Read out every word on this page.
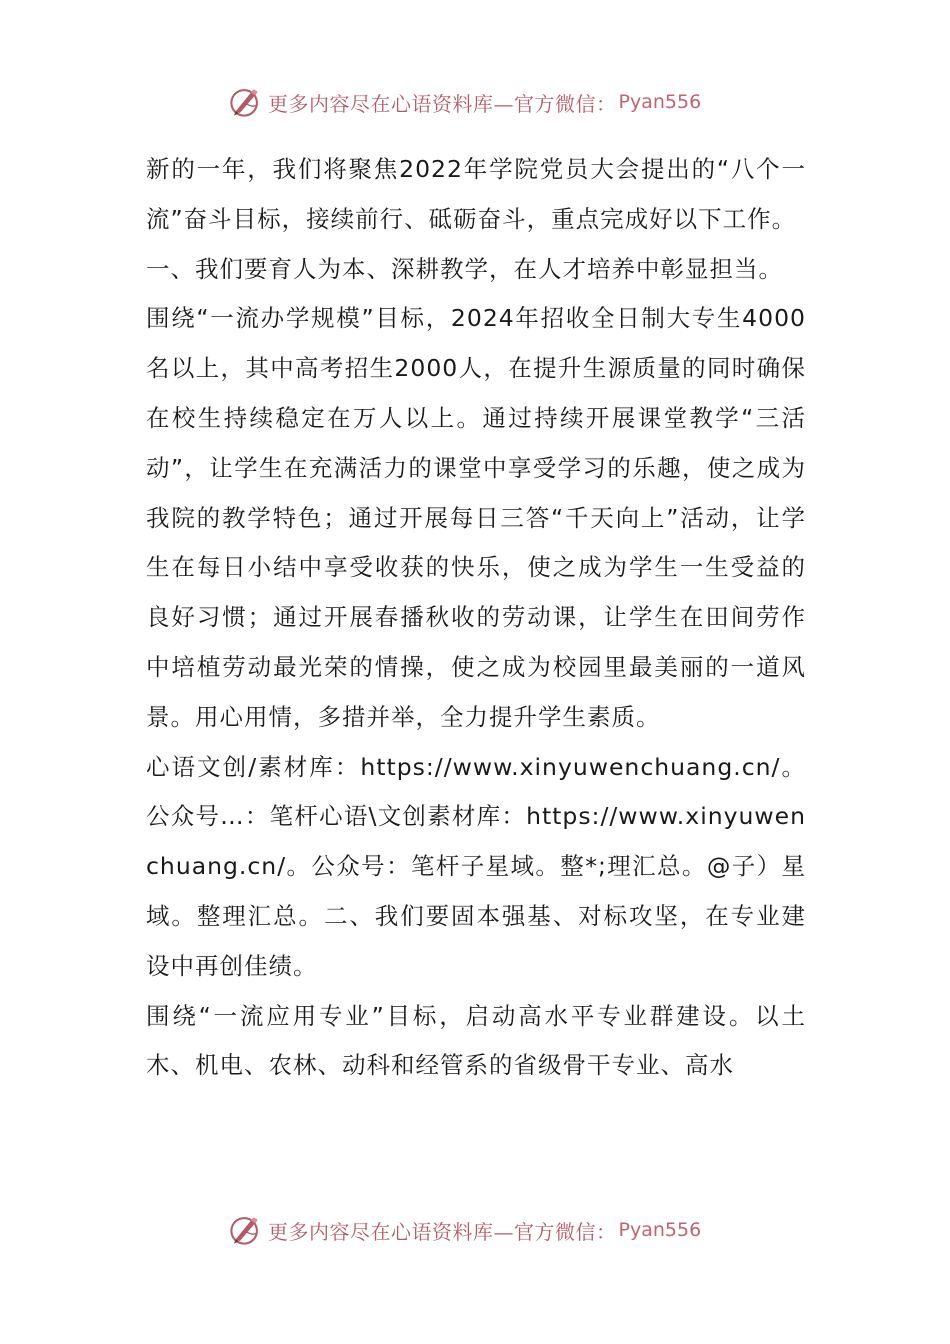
更多内容尽在心语资料库—官方微信： Pyan556

新的一年，我们将聚焦2022年学院党员大会提出的“八个一流”奋斗目标，接续前行、砥砺奋斗，重点完成好以下工作。

一、我们要育人为本、深耕教学，在人才培养中彰显担当。

围绕“一流办学规模”目标，2024年招收全日制大专生4000名以上，其中高考招生2000人，在提升生源质量的同时确保在校生持续稳定在万人以上。通过持续开展课堂教学“三活动”，让学生在充满活力的课堂中享受学习的乐趣，使之成为我院的教学特色；通过开展每日三答“千天向上”活动，让学生在每日小结中享受收获的快乐，使之成为学生一生受益的良好习惯；通过开展春播秋收的劳动课，让学生在田间劳作中培植劳动最光荣的情操，使之成为校园里最美丽的一道风景。用心用情，多措并举，全力提升学生素质。

心语文创/素材库：https://www.xinyuwenchuang.cn/。公众号…：笔杆心语\文创素材库：https://www.xinyuwenchuang.cn/。公众号：笔杆子星域。整*;理汇总。@子）星域。整理汇总。二、我们要固本强基、对标攻坚，在专业建设中再创佳绩。

围绕“一流应用专业”目标，启动高水平专业群建设。以土木、机电、农林、动科和经管系的省级骨干专业、高水

更多内容尽在心语资料库—官方微信： Pyan556
